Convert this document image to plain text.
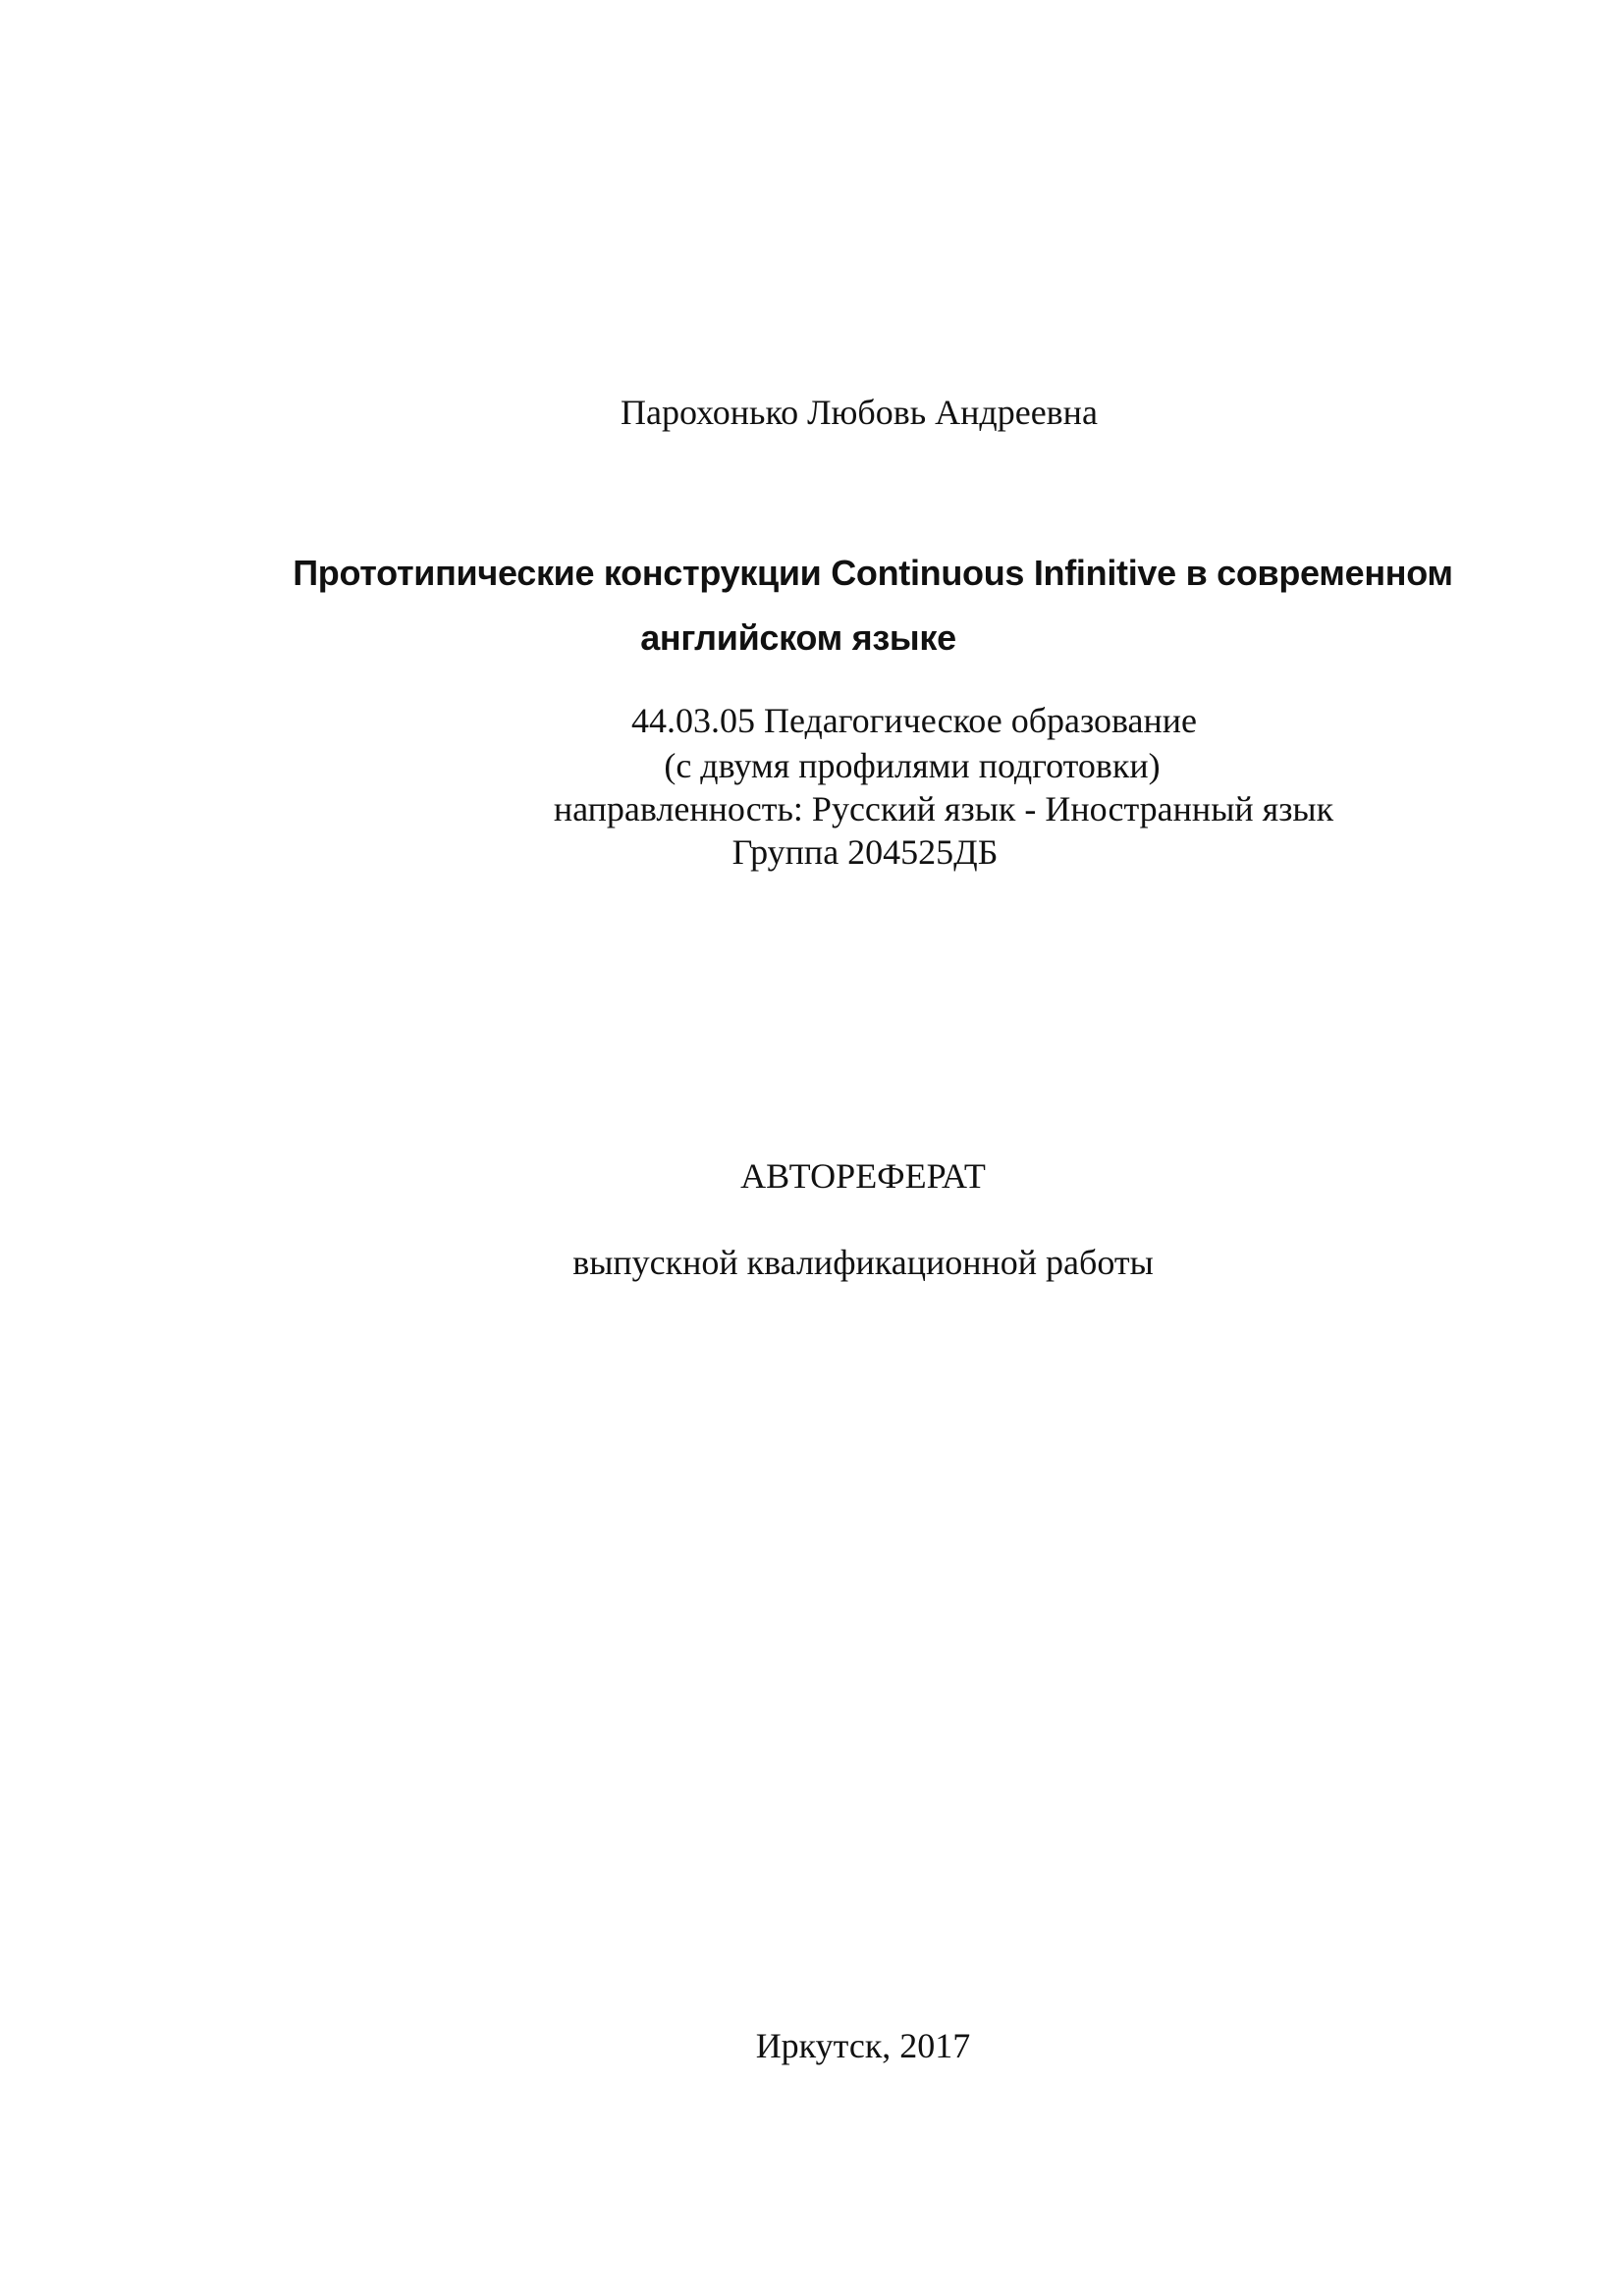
Парохонько Любовь Андреевна
Прототипические конструкции Continuous Infinitive в современном
английском языке
44.03.05 Педагогическое образование
(с двумя профилями подготовки)
направленность: Русский язык - Иностранный язык
Группа 204525ДБ
АВТОРЕФЕРАТ
выпускной квалификационной работы
Иркутск, 2017
